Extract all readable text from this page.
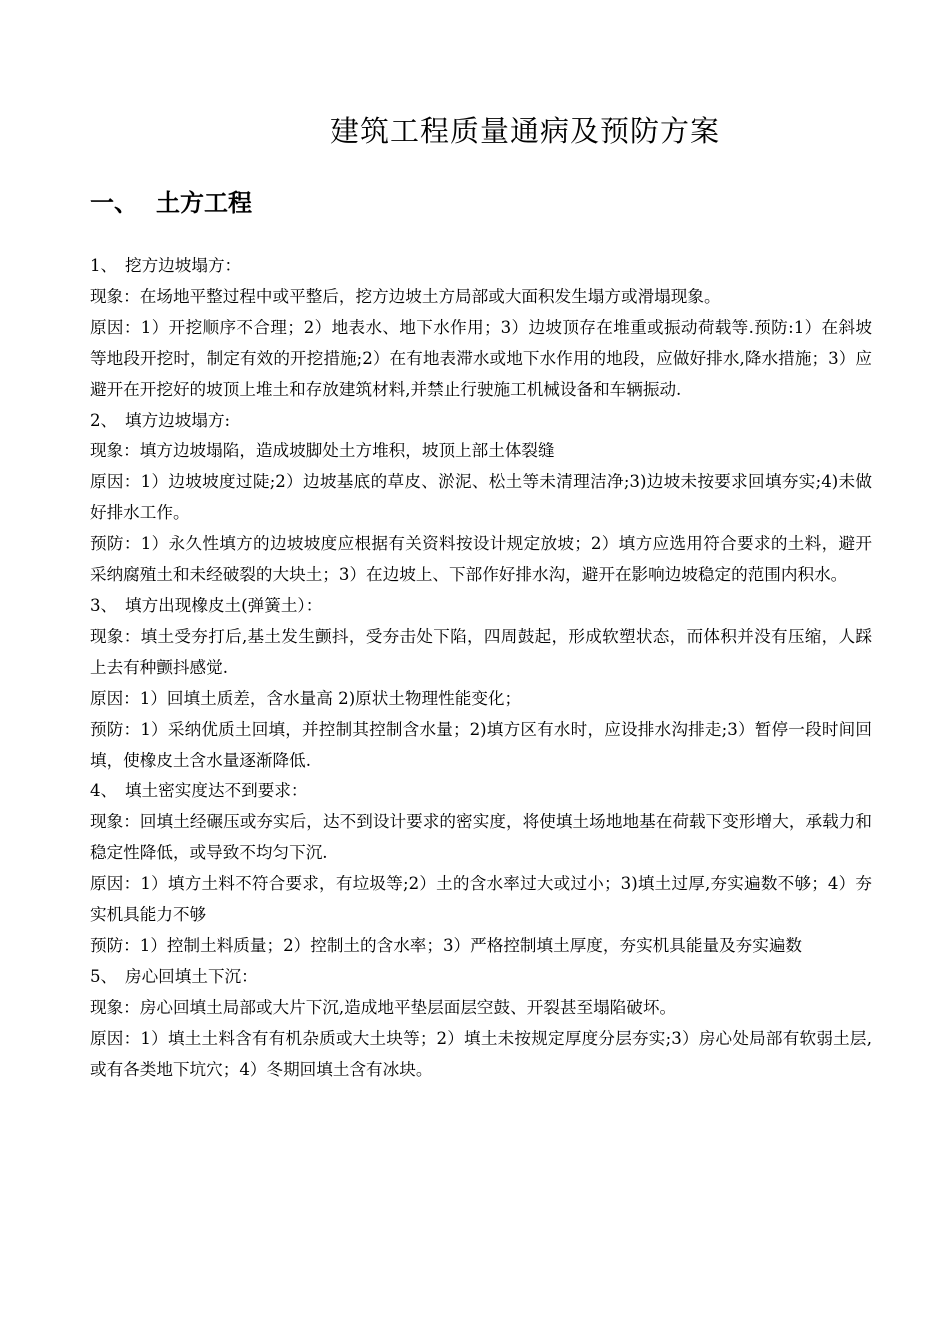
建筑工程质量通病及预防方案
一、 土方工程

1、 挖方边坡塌方：

现象：在场地平整过程中或平整后，挖方边坡土方局部或大面积发生塌方或滑塌现象。

原因：1）开挖顺序不合理；2）地表水、地下水作用；3）边坡顶存在堆重或振动荷载等.预防:1）在斜坡等地段开挖时，制定有效的开挖措施;2）在有地表滞水或地下水作用的地段，应做好排水,降水措施；3）应避开在开挖好的坡顶上堆土和存放建筑材料,并禁止行驶施工机械设备和车辆振动.

2、 填方边坡塌方:

现象：填方边坡塌陷，造成坡脚处土方堆积，坡顶上部土体裂缝

原因：1）边坡坡度过陡;2）边坡基底的草皮、淤泥、松土等未清理洁净;3)边坡未按要求回填夯实;4)未做好排水工作。

预防：1）永久性填方的边坡坡度应根据有关资料按设计规定放坡；2）填方应选用符合要求的土料，避开采纳腐殖土和未经破裂的大块土；3）在边坡上、下部作好排水沟，避开在影响边坡稳定的范围内积水。

3、 填方出现橡皮土(弹簧土）：

现象：填土受夯打后,基土发生颤抖，受夯击处下陷，四周鼓起，形成软塑状态，而体积并没有压缩，人踩上去有种颤抖感觉.

原因：1）回填土质差，含水量高 2)原状土物理性能变化；

预防：1）采纳优质土回填，并控制其控制含水量；2)填方区有水时，应设排水沟排走;3）暂停一段时间回填，使橡皮土含水量逐渐降低.

4、 填土密实度达不到要求：

现象：回填土经碾压或夯实后，达不到设计要求的密实度，将使填土场地地基在荷载下变形增大，承载力和稳定性降低，或导致不均匀下沉.

原因：1）填方土料不符合要求，有垃圾等;2）土的含水率过大或过小；3)填土过厚,夯实遍数不够；4）夯实机具能力不够

预防：1）控制土料质量；2）控制土的含水率；3）严格控制填土厚度，夯实机具能量及夯实遍数

5、 房心回填土下沉：

现象：房心回填土局部或大片下沉,造成地平垫层面层空鼓、开裂甚至塌陷破坏。

原因：1）填土土料含有有机杂质或大土块等；2）填土未按规定厚度分层夯实;3）房心处局部有软弱土层,或有各类地下坑穴；4）冬期回填土含有冰块。
